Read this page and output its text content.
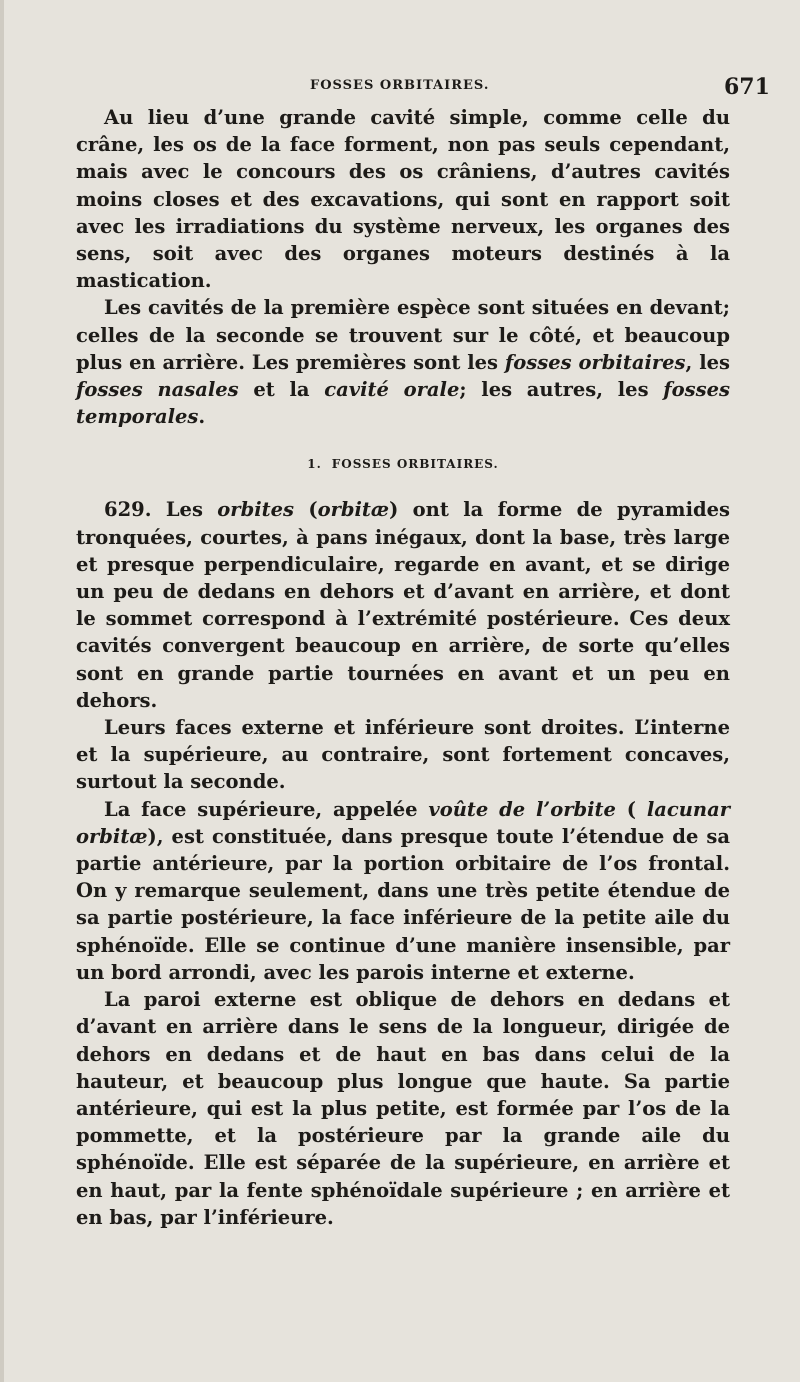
FOSSES ORBITAIRES.	671

Au lieu d’une grande cavité simple, comme celle du crâne, les os de la face forment, non pas seuls cependant, mais avec le concours des os crâniens, d’autres cavités moins closes et des excavations, qui sont en rapport soit avec les irradiations du système nerveux, les organes des sens, soit avec des organes moteurs destinés à la mastication.

Les cavités de la première espèce sont situées en devant; celles de la seconde se trouvent sur le côté, et beaucoup plus en arrière. Les premières sont les fosses orbitaires, les fosses nasales et la cavité orale; les autres, les fosses temporales.

1. FOSSES ORBITAIRES.

629. Les orbites (orbitæ) ont la forme de pyramides tronquées, courtes, à pans inégaux, dont la base, très large et presque perpendiculaire, regarde en avant, et se dirige un peu de dedans en dehors et d’avant en arrière, et dont le sommet correspond à l’extrémité postérieure. Ces deux cavités convergent beaucoup en arrière, de sorte qu’elles sont en grande partie tournées en avant et un peu en dehors.

Leurs faces externe et inférieure sont droites. L’interne et la supérieure, au contraire, sont fortement concaves, surtout la seconde.

La face supérieure, appelée voûte de l’orbite ( lacunar orbitæ), est constituée, dans presque toute l’étendue de sa partie antérieure, par la portion orbitaire de l’os frontal. On y remarque seulement, dans une très petite étendue de sa partie postérieure, la face inférieure de la petite aile du sphénoïde. Elle se continue d’une manière insensible, par un bord arrondi, avec les parois interne et externe.

La paroi externe est oblique de dehors en dedans et d’avant en arrière dans le sens de la longueur, dirigée de dehors en dedans et de haut en bas dans celui de la hauteur, et beaucoup plus longue que haute. Sa partie antérieure, qui est la plus petite, est formée par l’os de la pommette, et la postérieure par la grande aile du sphénoïde. Elle est séparée de la supérieure, en arrière et en haut, par la fente sphénoïdale supérieure ; en arrière et en bas, par l’inférieure.
